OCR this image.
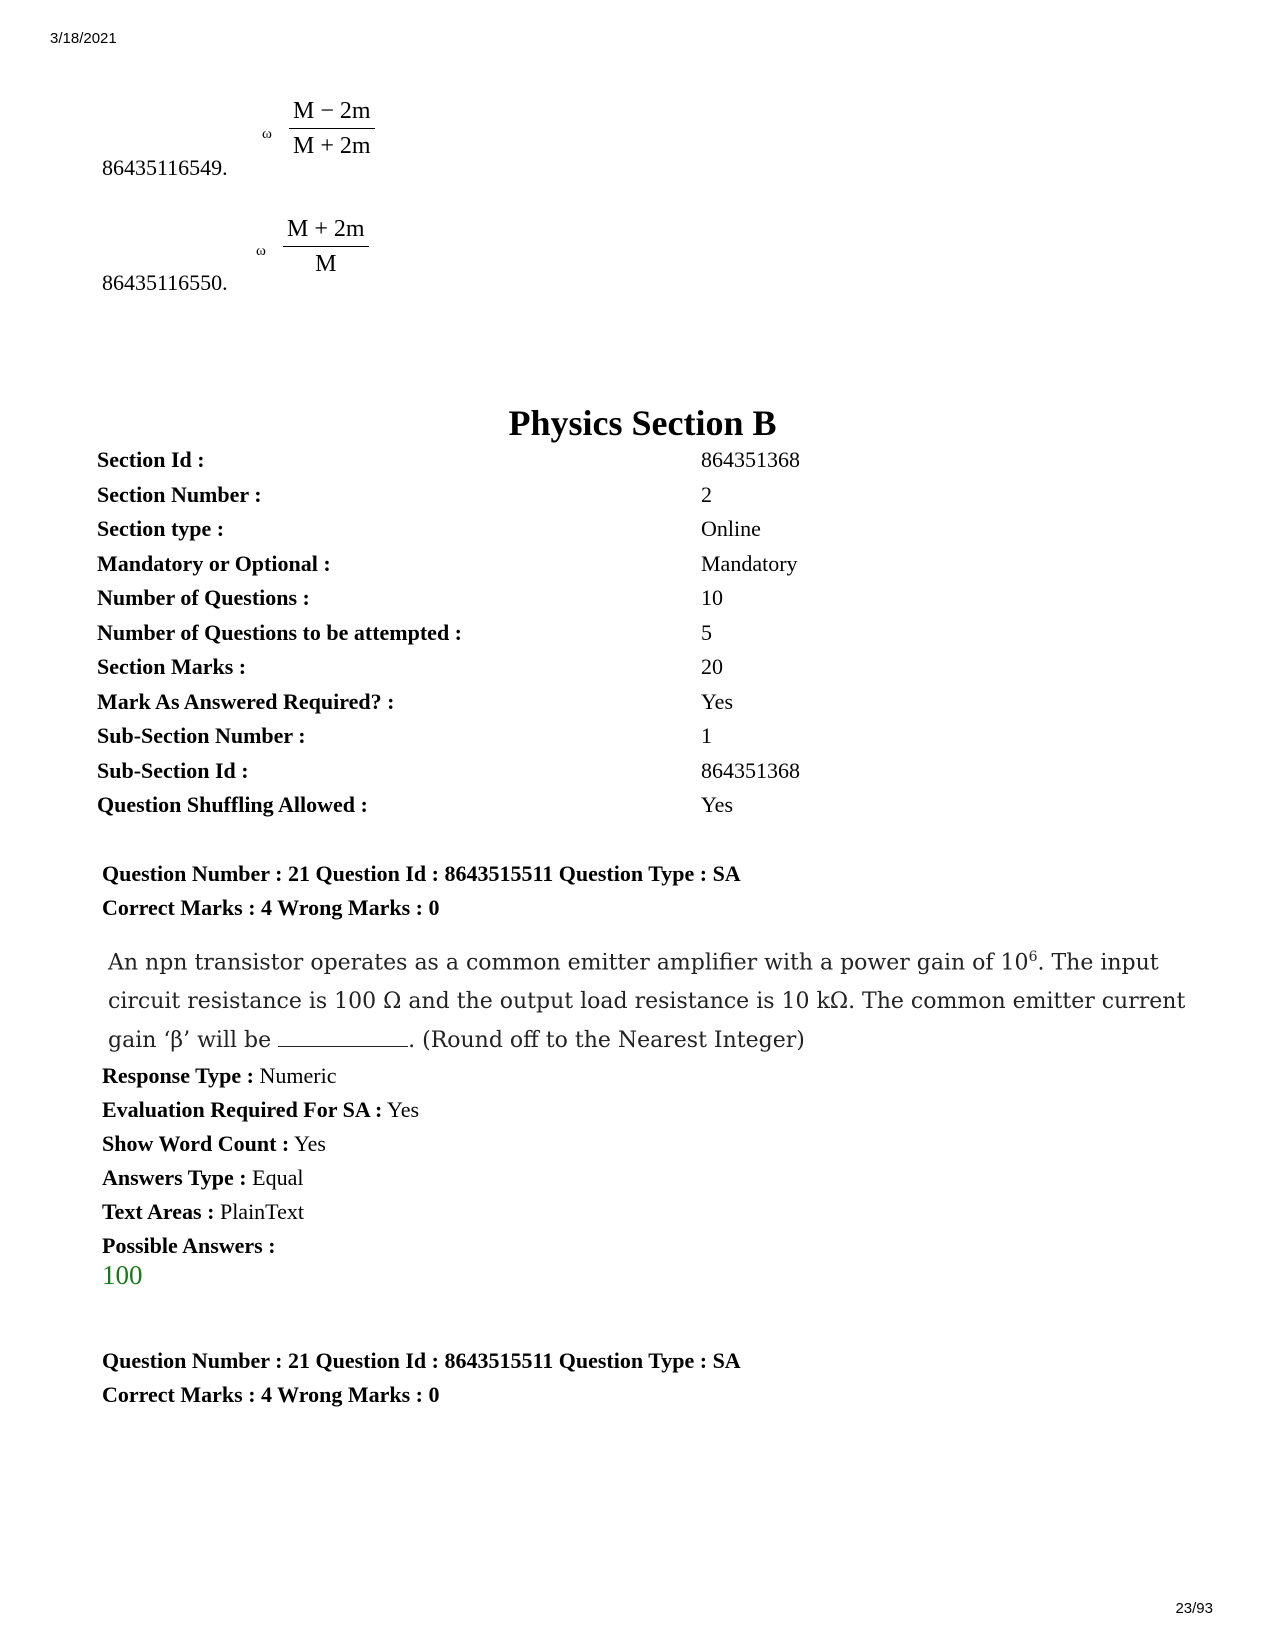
3/18/2021
86435116549.
ω $\frac{M - 2m}{M + 2m}$
86435116550.
ω $\frac{M + 2m}{M}$
Physics Section B
Section Id :	864351368
Section Number :	2
Section type :	Online
Mandatory or Optional :	Mandatory
Number of Questions :	10
Number of Questions to be attempted :	5
Section Marks :	20
Mark As Answered Required? :	Yes
Sub-Section Number :	1
Sub-Section Id :	864351368
Question Shuffling Allowed :	Yes
Question Number : 21 Question Id : 8643515511 Question Type : SA
Correct Marks : 4 Wrong Marks : 0
An npn transistor operates as a common emitter amplifier with a power gain of $10^6$. The input circuit resistance is 100 Ω and the output load resistance is 10 kΩ. The common emitter current gain ‘β’ will be	. (Round off to the Nearest Integer)
Response Type : Numeric
Evaluation Required For SA : Yes
Show Word Count : Yes
Answers Type : Equal
Text Areas : PlainText
Possible Answers :
100
Question Number : 21 Question Id : 8643515511 Question Type : SA
Correct Marks : 4 Wrong Marks : 0
23/93
